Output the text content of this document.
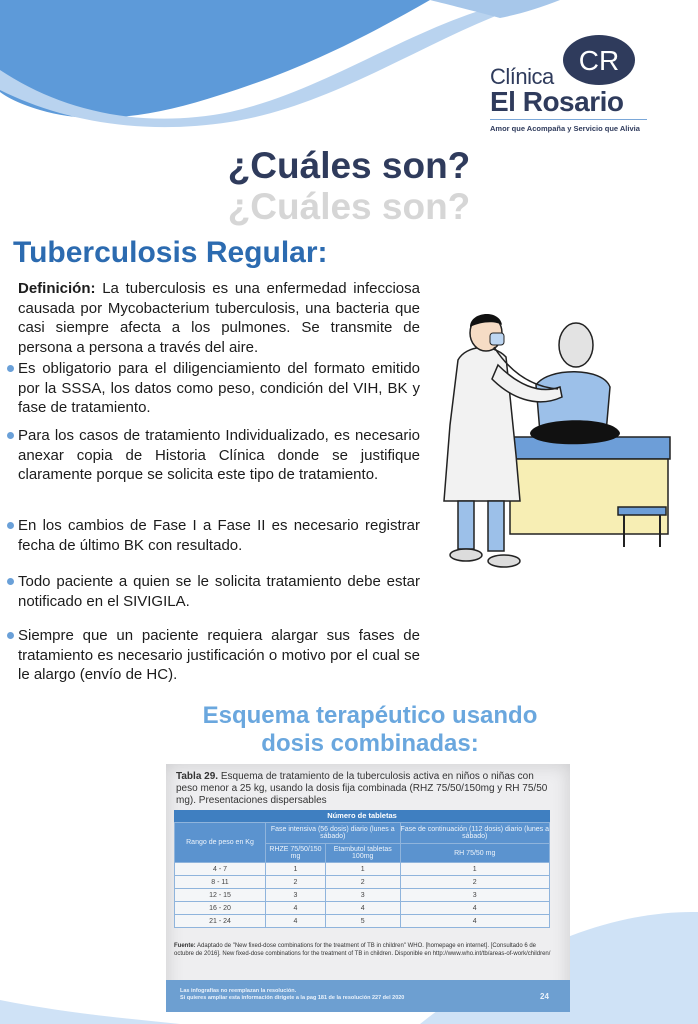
CR
Clínica
El Rosario
Amor que Acompaña y Servicio que Alivia
¿Cuáles son?
¿Cuáles son?
Tuberculosis Regular:
Definición: La tuberculosis es una enfermedad infecciosa causada por Mycobacterium tuberculosis, una bacteria que casi siempre afecta a los pulmones. Se transmite de persona a persona a través del aire.
Es obligatorio para el diligenciamiento del formato emitido por la SSSA, los datos como peso, condición del VIH, BK y fase de tratamiento.
Para los casos de tratamiento Individualizado, es necesario anexar copia de Historia Clínica donde se justifique claramente porque se solicita este tipo de tratamiento.
En los cambios de Fase I a Fase II es necesario registrar fecha de último BK con resultado.
Todo paciente a quien se le solicita tratamiento debe estar notificado en el SIVIGILA.
Siempre que un paciente requiera alargar sus fases de tratamiento es necesario justificación o motivo por el cual se le alargo (envío de HC).
Esquema terapéutico usando
dosis combinadas:
Tabla 29. Esquema de tratamiento de la tuberculosis activa en niños o niñas con peso menor a 25 kg, usando la dosis fija combinada (RHZ 75/50/150mg y RH 75/50 mg). Presentaciones dispersables
Número de tabletas
Rango de peso en Kg	Fase intensiva (56 dosis) diario (lunes a sábado)		Fase de continuación (112 dosis) diario (lunes a sábado)
	RHZE 75/50/150 mg	Etambutol tabletas 100mg	RH 75/50 mg
4 - 7	1	1	1
8 - 11	2	2	2
12 - 15	3	3	3
16 - 20	4	4	4
21 - 24	4	5	4
Fuente: Adaptado de "New fixed-dose combinations for the treatment of TB in children" WHO. [homepage en internet]. [Consultado 6 de octubre de 2016]. New fixed-dose combinations for the treatment of TB in children. Disponible en http://www.who.int/tb/areas-of-work/children/
Las infografías no reemplazan la resolución.
Si quieres ampliar esta información dirígete a la pag 181 de la resolución 227 del 2020	24
